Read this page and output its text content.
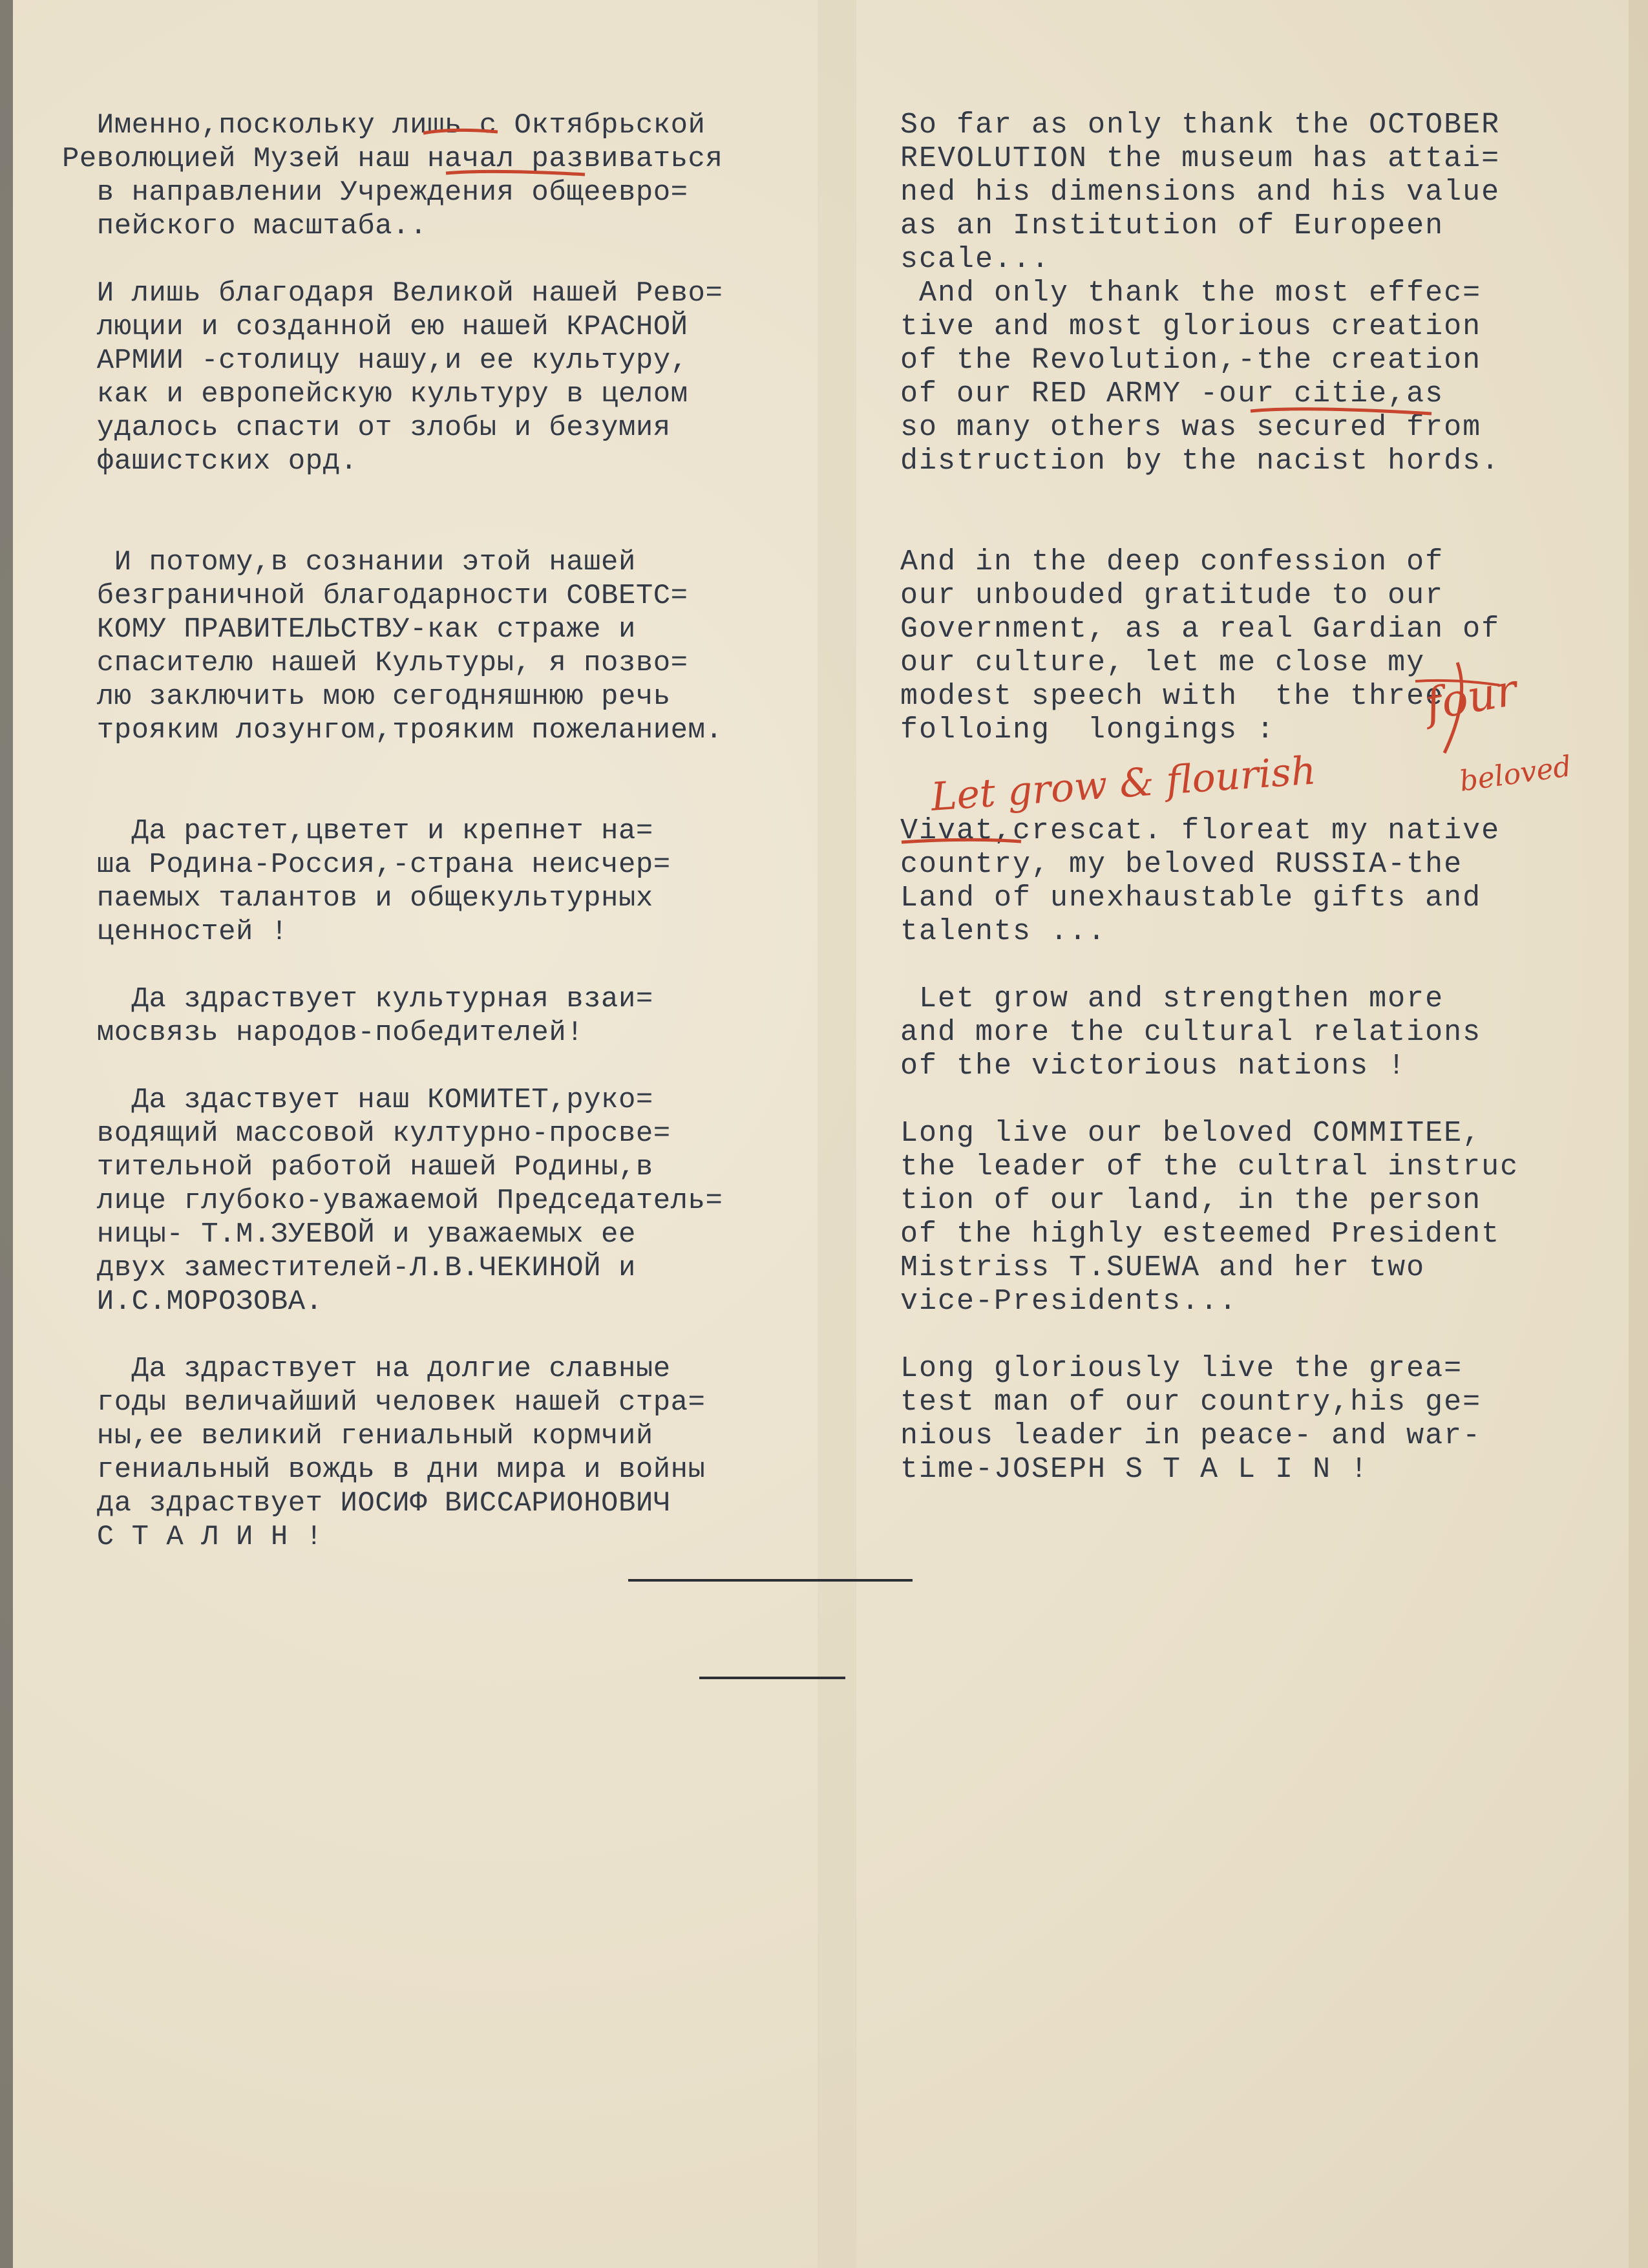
Именно,поскольку лишь с Октябрьской
Революцией Музей наш начал развиваться
в направлении Учреждения общеевро=
пейского масштаба..
И лишь благодаря Великой нашей Рево=
люции и созданной ею нашей КРАСНОЙ
АРМИИ -столицу нашу,и ее культуру,
как и европейскую культуру в целом
удалось спасти от злобы и безумия
фашистских орд.
И потому,в сознании этой нашей
безграничной благодарности СОВЕТС=
КОМУ ПРАВИТЕЛЬСТВУ-как страже и
спасителю нашей Культуры, я позво=
лю заключить мою сегодняшнюю речь
трояким лозунгом,трояким пожеланием.
Да растет,цветет и крепнет на=
ша Родина-Россия,-страна неисчер=
паемых талантов и общекультурных
ценностей !
Да здраствует культурная взаи=
мосвязь народов-победителей!
Да здаствует наш КОМИТЕТ,руко=
водящий массовой културно-просве=
тительной работой нашей Родины,в
лице глубоко-уважаемой Председатель=
ницы- Т.М.ЗУЕВОЙ и уважаемых ее
двух заместителей-Л.В.ЧЕКИНОЙ и
И.С.МОРОЗОВА.
Да здраствует на долгие славные
годы величайший человек нашей стра=
ны,ее великий гениальный кормчий
гениальный вождь в дни мира и войны
да здраствует ИОСИФ ВИССАРИОНОВИЧ
С Т А Л И Н !
So far as only thank the OCTOBER
REVOLUTION the museum has attai=
ned his dimensions and his value
as an Institution of Europeen
scale...
And only thank the most effec=
tive and most glorious creation
of the Revolution,-the creation
of our RED ARMY -our citie,as
so many others was secured from
distruction by the nacist hords.
And in the deep confession of
our unbouded gratitude to our
Government, as a real Gardian of
our culture, let me close my
modest speech with  the three
folloing  longings :
Vivat,crescat. floreat my native
country, my beloved RUSSIA-the
Land of unexhaustable gifts and
talents ...
Let grow and strengthen more
and more the cultural relations
of the victorious nations !
Long live our beloved COMMITEE,
the leader of the cultral instruc
tion of our land, in the person
of the highly esteemed President
Mistriss T.SUEWA and her two
vice-Presidents...
Long gloriously live the grea=
test man of our country,his ge=
nious leader in peace- and war-
time-JOSEPH S T A L I N !
Let grow & flourish
four
beloved
